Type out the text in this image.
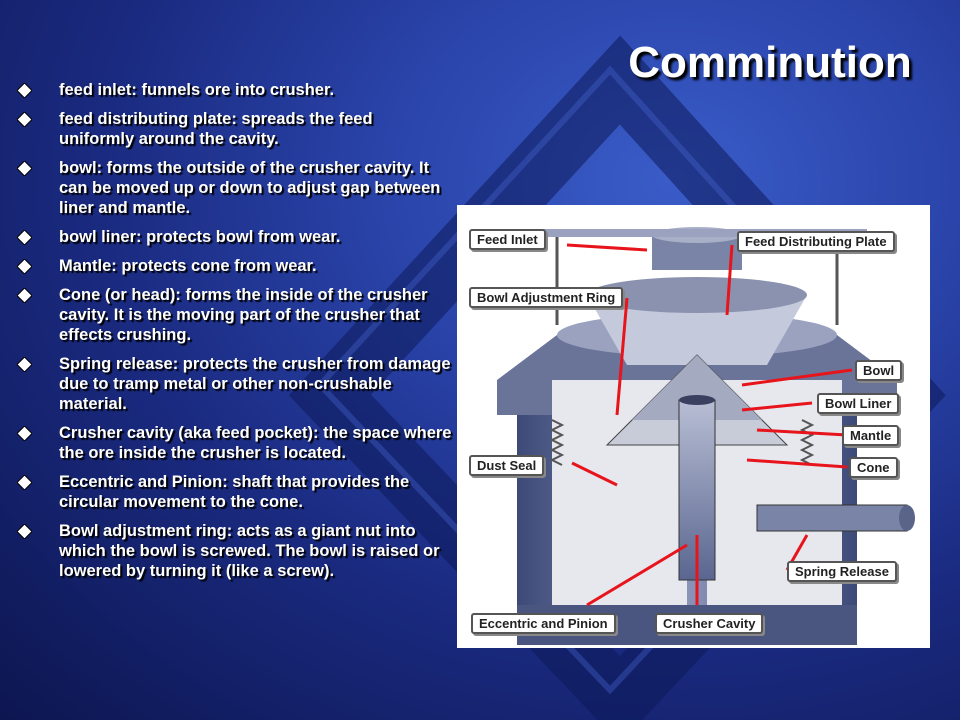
Comminution
feed inlet: funnels ore into crusher.
feed distributing plate: spreads the feed uniformly around the cavity.
bowl: forms the outside of the crusher cavity. It can be moved up or down to adjust gap between liner and mantle.
bowl liner: protects bowl from wear.
Mantle: protects cone from wear.
Cone (or head): forms the inside of the crusher cavity. It is the moving part of the crusher that effects crushing.
Spring release: protects the crusher from damage due to tramp metal or other non-crushable material.
Crusher cavity (aka feed pocket): the space where the ore inside the crusher is located.
Eccentric and Pinion: shaft that provides the circular movement to the cone.
Bowl adjustment ring: acts as a giant nut into which the bowl is screwed. The bowl is raised or lowered by turning it (like a screw).
Feed Inlet	Feed Distributing Plate
Bowl Adjustment Ring
Bowl
Bowl Liner
Mantle
Dust Seal	Cone
Spring Release
Eccentric and Pinion	Crusher Cavity
